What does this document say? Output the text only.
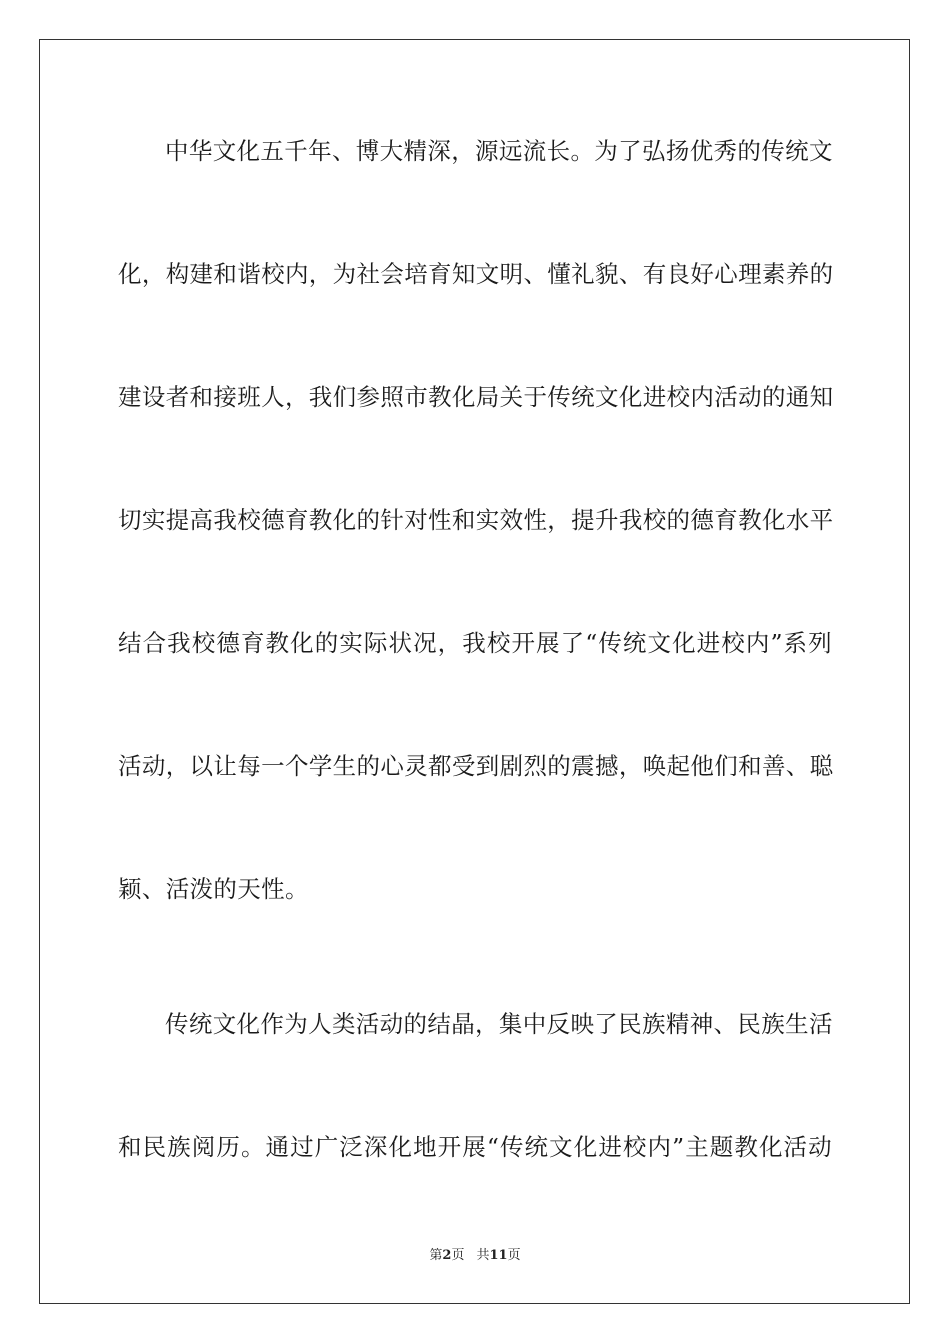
中华文化五千年、博大精深，源远流长。为了弘扬优秀的传统文
化，构建和谐校内，为社会培育知文明、懂礼貌、有良好心理素养的
建设者和接班人，我们参照市教化局关于传统文化进校内活动的通知
切实提高我校德育教化的针对性和实效性，提升我校的德育教化水平
结合我校德育教化的实际状况，我校开展了“传统文化进校内”系列
活动，以让每一个学生的心灵都受到剧烈的震撼，唤起他们和善、聪
颖、活泼的天性。
传统文化作为人类活动的结晶，集中反映了民族精神、民族生活
和民族阅历。通过广泛深化地开展“传统文化进校内”主题教化活动
第2页 共11页
